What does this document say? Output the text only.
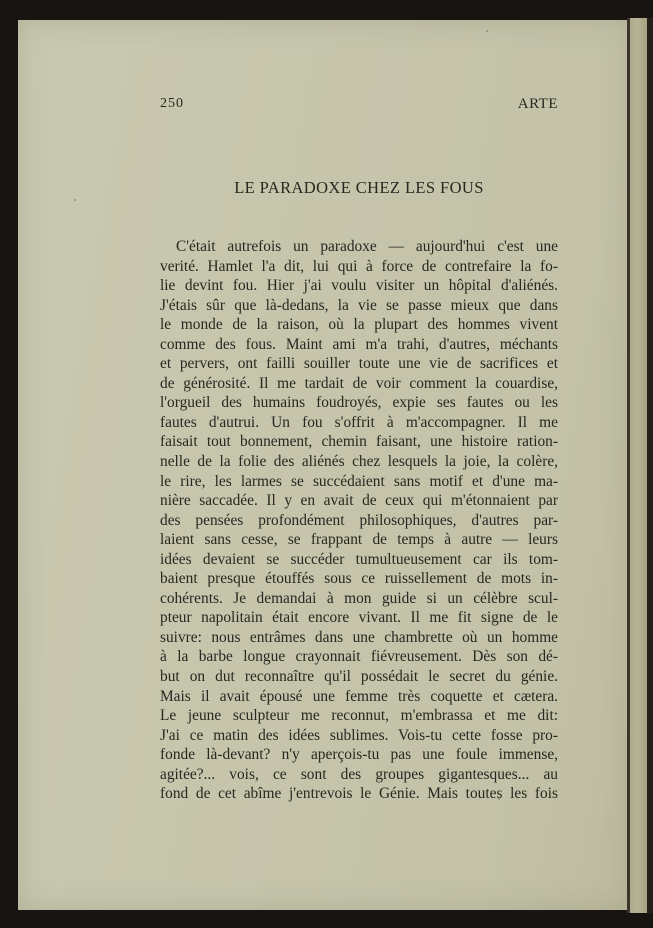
250	ARTE
LE PARADOXE CHEZ LES FOUS

C'était autrefois un paradoxe — aujourd'hui c'est une
verité. Hamlet l'a dit, lui qui à force de contrefaire la fo-
lie devint fou. Hier j'ai voulu visiter un hôpital d'aliénés.
J'étais sûr que là-dedans, la vie se passe mieux que dans
le monde de la raison, où la plupart des hommes vivent
comme des fous. Maint ami m'a trahi, d'autres, méchants
et pervers, ont failli souiller toute une vie de sacrifices et
de générosité. Il me tardait de voir comment la couardise,
l'orgueil des humains foudroyés, expie ses fautes ou les
fautes d'autrui. Un fou s'offrit à m'accompagner. Il me
faisait tout bonnement, chemin faisant, une histoire ration-
nelle de la folie des aliénés chez lesquels la joie, la colère,
le rire, les larmes se succédaient sans motif et d'une ma-
nière saccadée. Il y en avait de ceux qui m'étonnaient par
des pensées profondément philosophiques, d'autres par-
laient sans cesse, se frappant de temps à autre — leurs
idées devaient se succéder tumultueusement car ils tom-
baient presque étouffés sous ce ruissellement de mots in-
cohérents. Je demandai à mon guide si un célèbre scul-
pteur napolitain était encore vivant. Il me fit signe de le
suivre: nous entrâmes dans une chambrette où un homme
à la barbe longue crayonnait fiévreusement. Dès son dé-
but on dut reconnaître qu'il possédait le secret du génie.
Mais il avait épousé une femme très coquette et cætera.
Le jeune sculpteur me reconnut, m'embrassa et me dit:
J'ai ce matin des idées sublimes. Vois-tu cette fosse pro-
fonde là-devant? n'y aperçois-tu pas une foule immense,
agitée?... vois, ce sont des groupes gigantesques... au
fond de cet abîme j'entrevois le Génie. Mais toutes les fois
